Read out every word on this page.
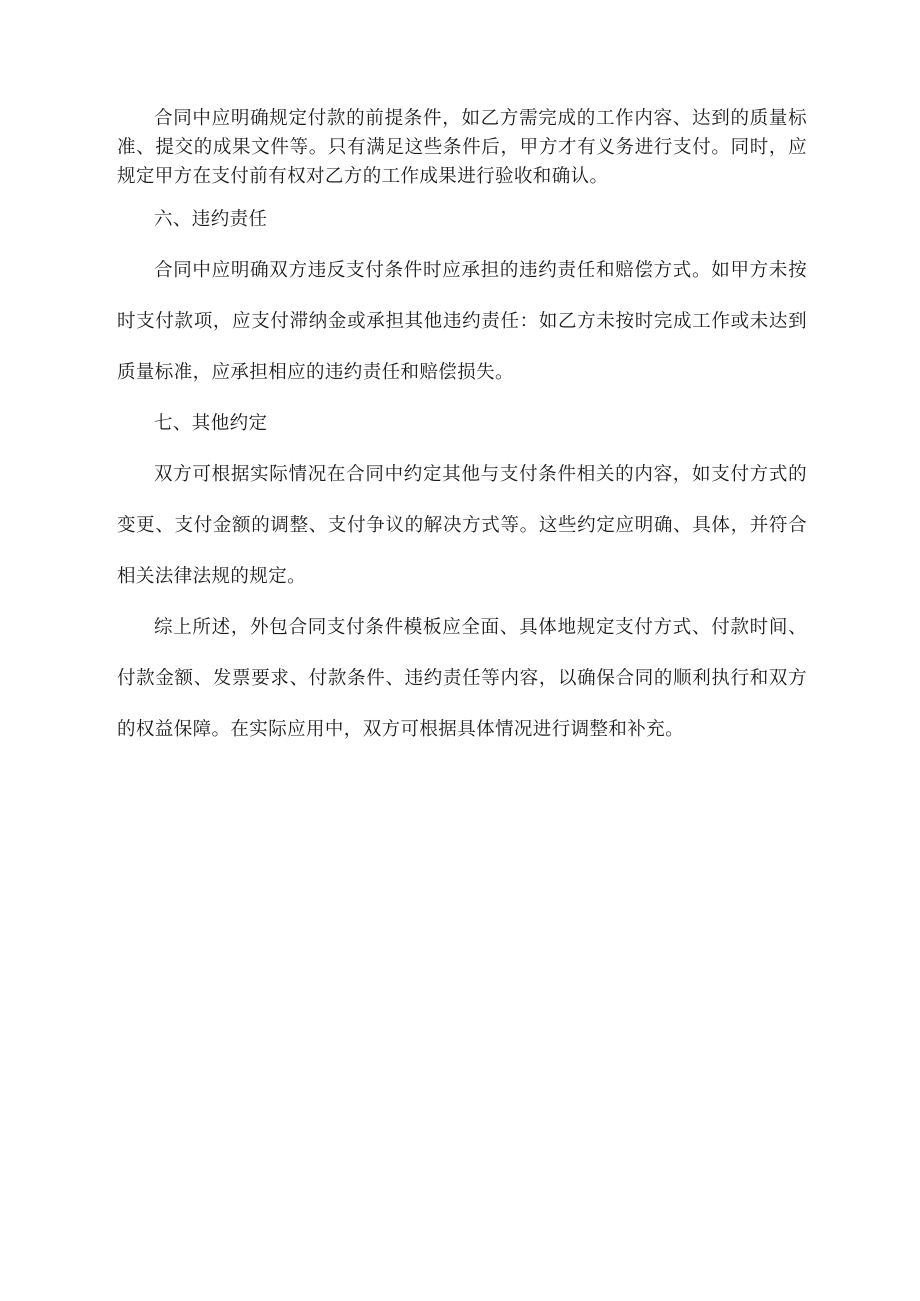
合同中应明确规定付款的前提条件，如乙方需完成的工作内容、达到的质量标准、提交的成果文件等。只有满足这些条件后，甲方才有义务进行支付。同时，应规定甲方在支付前有权对乙方的工作成果进行验收和确认。

六、违约责任

合同中应明确双方违反支付条件时应承担的违约责任和赔偿方式。如甲方未按时支付款项，应支付滞纳金或承担其他违约责任：如乙方未按时完成工作或未达到质量标准，应承担相应的违约责任和赔偿损失。

七、其他约定

双方可根据实际情况在合同中约定其他与支付条件相关的内容，如支付方式的变更、支付金额的调整、支付争议的解决方式等。这些约定应明确、具体，并符合相关法律法规的规定。

综上所述，外包合同支付条件模板应全面、具体地规定支付方式、付款时间、付款金额、发票要求、付款条件、违约责任等内容，以确保合同的顺利执行和双方的权益保障。在实际应用中，双方可根据具体情况进行调整和补充。
